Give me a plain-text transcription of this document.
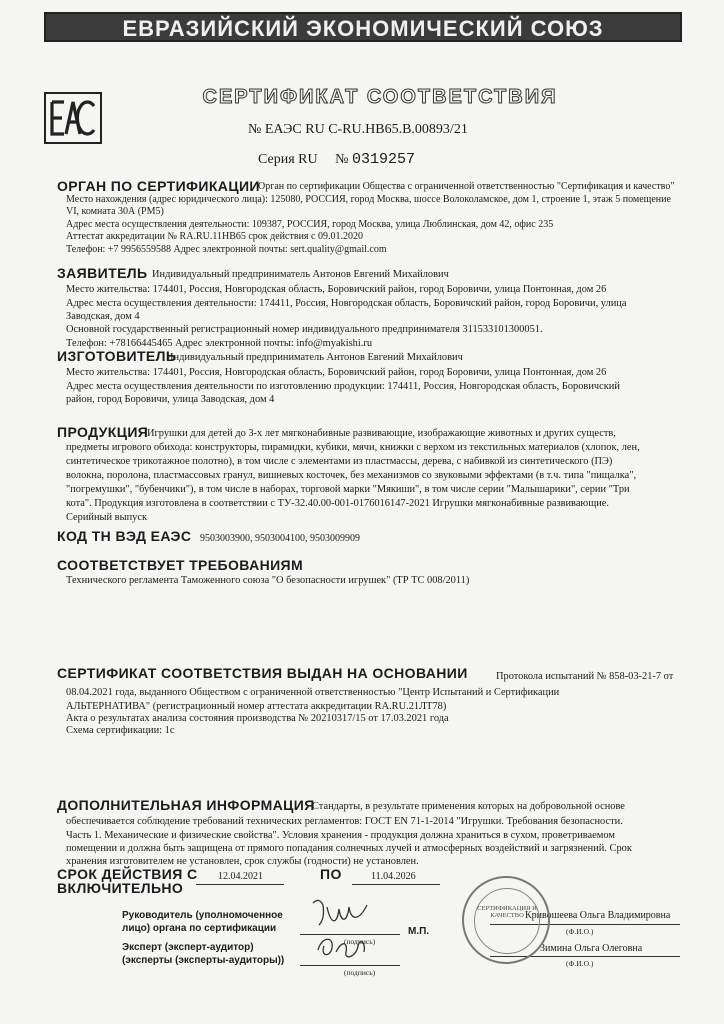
ЕВРАЗИЙСКИЙ ЭКОНОМИЧЕСКИЙ СОЮЗ
СЕРТИФИКАТ СООТВЕТСТВИЯ
№ ЕАЭС RU С-RU.НВ65.В.00893/21
Серия RU № 0319257
ОРГАН ПО СЕРТИФИКАЦИИ
Орган по сертификации Общества с ограниченной ответственностью "Сертификация и качество"
Место нахождения (адрес юридического лица): 125080, РОССИЯ, город Москва, шоссе Волоколамское, дом 1, строение 1, этаж 5 помещение
VI, комната 30А (РМ5)
Адрес места осуществления деятельности: 109387, РОССИЯ, город Москва, улица Люблинская, дом 42, офис 235
Аттестат аккредитации № RA.RU.11НВ65 срок действия с 09.01.2020
Телефон: +7 9956559588 Адрес электронной почты: sert.quality@gmail.com
ЗАЯВИТЕЛЬ Индивидуальный предприниматель Антонов Евгений Михайлович
Место жительства: 174401, Россия, Новгородская область, Боровичский район, город Боровичи, улица Понтонная, дом 26
Адрес места осуществления деятельности: 174411, Россия, Новгородская область, Боровичский район, город Боровичи, улица
Заводская, дом 4
Основной государственный регистрационный номер индивидуального предпринимателя 311533101300051.
Телефон: +78166445465 Адрес электронной почты: info@myakishi.ru
ИЗГОТОВИТЕЛЬ
Индивидуальный предприниматель Антонов Евгений Михайлович
Место жительства: 174401, Россия, Новгородская область, Боровичский район, город Боровичи, улица Понтонная, дом 26
Адрес места осуществления деятельности по изготовлению продукции: 174411, Россия, Новгородская область, Боровичский
район, город Боровичи, улица Заводская, дом 4
ПРОДУКЦИЯ
Игрушки для детей до 3-х лет мягконабивные развивающие, изображающие животных и других существ,
предметы игрового обихода: конструкторы, пирамидки, кубики, мячи, книжки с верхом из текстильных материалов (хлопок, лен,
синтетическое трикотажное полотно), в том числе с элементами из пластмассы, дерева, с набивкой из синтетического (ПЭ)
волокна, поролона, пластмассовых гранул, вишневых косточек, без механизмов со звуковыми эффектами (в т.ч. типа "пищалка",
"погремушки", "бубенчики"), в том числе в наборах, торговой марки "Мякиши", в том числе серии "Малышарики", серии "Три
кота". Продукция изготовлена в соответствии с ТУ-32.40.00-001-0176016147-2021 Игрушки мягконабивные развивающие.
Серийный выпуск
КОД ТН ВЭД ЕАЭС 9503003900, 9503004100, 9503009909
СООТВЕТСТВУЕТ ТРЕБОВАНИЯМ
Технического регламента Таможенного союза "О безопасности игрушек" (ТР ТС 008/2011)
СЕРТИФИКАТ СООТВЕТСТВИЯ ВЫДАН НА ОСНОВАНИИ	Протокола испытаний № 858-03-21-7 от
08.04.2021 года, выданного Обществом с ограниченной ответственностью "Центр Испытаний и Сертификации
АЛЬТЕРНАТИВА" (регистрационный номер аттестата аккредитации RA.RU.21ЛТ78)
Акта о результатах анализа состояния производства № 20210317/15 от 17.03.2021 года
Схема сертификации: 1с
ДОПОЛНИТЕЛЬНАЯ ИНФОРМАЦИЯ
Стандарты, в результате применения которых на добровольной основе
обеспечивается соблюдение требований технических регламентов: ГОСТ EN 71-1-2014 "Игрушки. Требования безопасности.
Часть 1. Механические и физические свойства". Условия хранения - продукция должна храниться в сухом, проветриваемом
помещении и должна быть защищена от прямого попадания солнечных лучей и атмосферных воздействий и загрязнений. Срок
хранения изготовителем не установлен, срок службы (годности) не установлен.
СРОК ДЕЙСТВИЯ С 12.04.2021	ПО	11.04.2026
ВКЛЮЧИТЕЛЬНО
Руководитель (уполномоченное
лицо) органа по сертификации
(подпись)
Кривошеева Ольга Владимировна
(Ф.И.О.)
М.П.
Эксперт (эксперт-аудитор)
(эксперты (эксперты-аудиторы))
(подпись)
Зимина Ольга Олеговна
(Ф.И.О.)
СЕРТИФИКАЦИЯ И КАЧЕСТВО
